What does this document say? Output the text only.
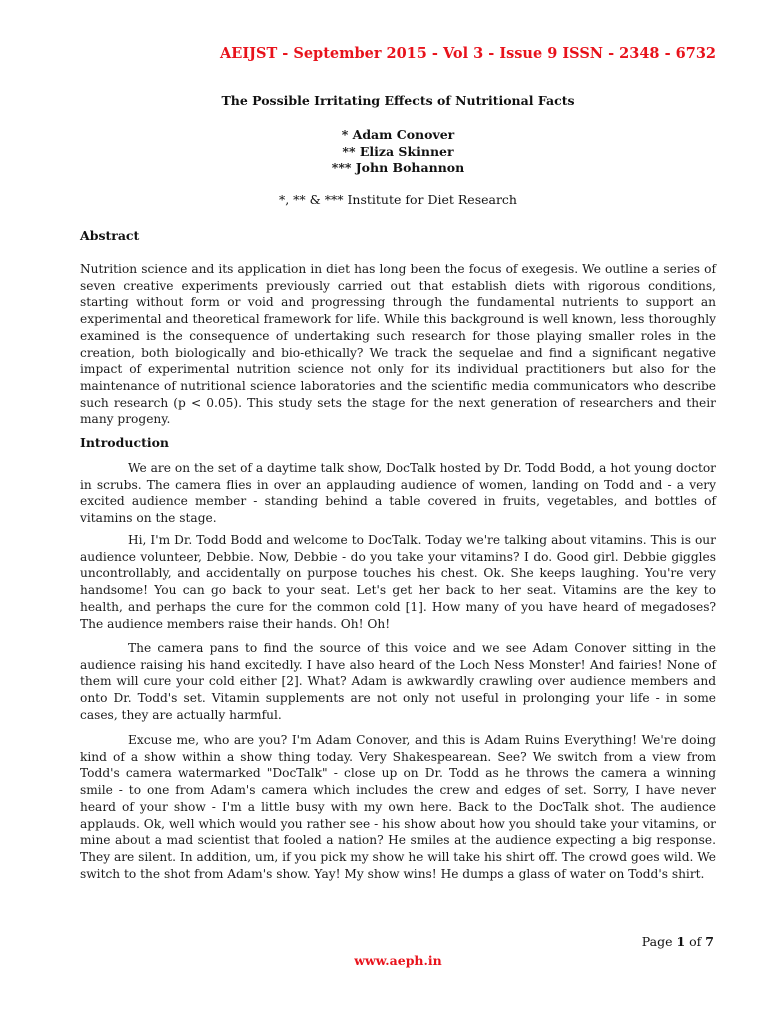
AEIJST - September 2015 - Vol 3 - Issue 9 ISSN - 2348 - 6732
The Possible Irritating Effects of Nutritional Facts
* Adam Conover
** Eliza Skinner
*** John Bohannon
*, ** & *** Institute for Diet Research
Abstract

Nutrition science and its application in diet has long been the focus of exegesis. We outline a series of seven creative experiments previously carried out that establish diets with rigorous conditions, starting without form or void and progressing through the fundamental nutrients to support an experimental and theoretical framework for life. While this background is well known, less thoroughly examined is the consequence of undertaking such research for those playing smaller roles in the creation, both biologically and bio-ethically? We track the sequelae and find a significant negative impact of experimental nutrition science not only for its individual practitioners but also for the maintenance of nutritional science laboratories and the scientific media communicators who describe such research (p < 0.05). This study sets the stage for the next generation of researchers and their many progeny.

Introduction

We are on the set of a daytime talk show, DocTalk hosted by Dr. Todd Bodd, a hot young doctor in scrubs. The camera flies in over an applauding audience of women, landing on Todd and - a very excited audience member - standing behind a table covered in fruits, vegetables, and bottles of vitamins on the stage.

Hi, I'm Dr. Todd Bodd and welcome to DocTalk. Today we're talking about vitamins. This is our audience volunteer, Debbie. Now, Debbie - do you take your vitamins? I do. Good girl. Debbie giggles uncontrollably, and accidentally on purpose touches his chest. Ok. She keeps laughing. You're very handsome! You can go back to your seat. Let's get her back to her seat. Vitamins are the key to health, and perhaps the cure for the common cold [1]. How many of you have heard of megadoses? The audience members raise their hands. Oh! Oh!

The camera pans to find the source of this voice and we see Adam Conover sitting in the audience raising his hand excitedly. I have also heard of the Loch Ness Monster! And fairies! None of them will cure your cold either [2]. What? Adam is awkwardly crawling over audience members and onto Dr. Todd's set. Vitamin supplements are not only not useful in prolonging your life - in some cases, they are actually harmful.

Excuse me, who are you? I'm Adam Conover, and this is Adam Ruins Everything! We're doing kind of a show within a show thing today. Very Shakespearean. See? We switch from a view from Todd's camera watermarked "DocTalk" - close up on Dr. Todd as he throws the camera a winning smile - to one from Adam's camera which includes the crew and edges of set. Sorry, I have never heard of your show - I'm a little busy with my own here. Back to the DocTalk shot. The audience applauds. Ok, well which would you rather see - his show about how you should take your vitamins, or mine about a mad scientist that fooled a nation? He smiles at the audience expecting a big response. They are silent. In addition, um, if you pick my show he will take his shirt off. The crowd goes wild. We switch to the shot from Adam's show. Yay! My show wins! He dumps a glass of water on Todd's shirt.

Page 1 of 7
www.aeph.in
